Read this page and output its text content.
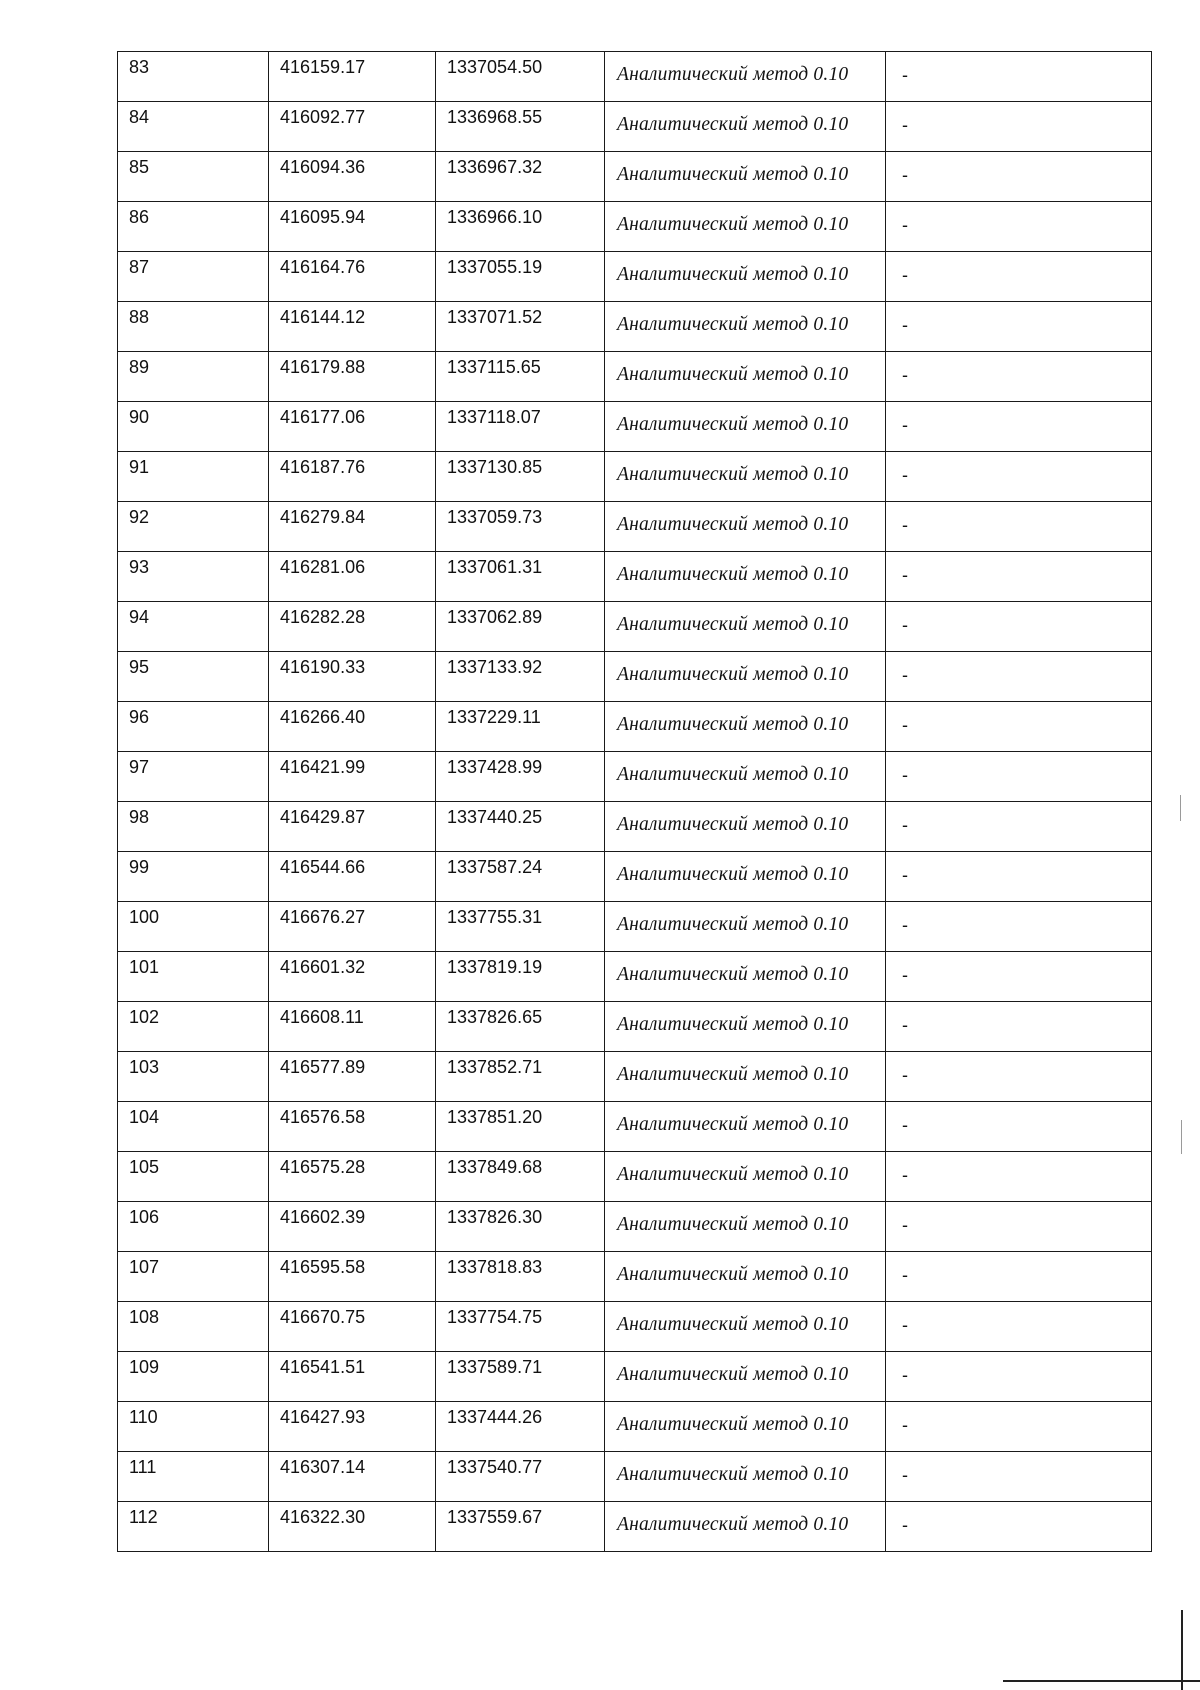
83	416159.17	1337054.50	Аналитический метод 0.10	-
84	416092.77	1336968.55	Аналитический метод 0.10	-
85	416094.36	1336967.32	Аналитический метод 0.10	-
86	416095.94	1336966.10	Аналитический метод 0.10	-
87	416164.76	1337055.19	Аналитический метод 0.10	-
88	416144.12	1337071.52	Аналитический метод 0.10	-
89	416179.88	1337115.65	Аналитический метод 0.10	-
90	416177.06	1337118.07	Аналитический метод 0.10	-
91	416187.76	1337130.85	Аналитический метод 0.10	-
92	416279.84	1337059.73	Аналитический метод 0.10	-
93	416281.06	1337061.31	Аналитический метод 0.10	-
94	416282.28	1337062.89	Аналитический метод 0.10	-
95	416190.33	1337133.92	Аналитический метод 0.10	-
96	416266.40	1337229.11	Аналитический метод 0.10	-
97	416421.99	1337428.99	Аналитический метод 0.10	-
98	416429.87	1337440.25	Аналитический метод 0.10	-
99	416544.66	1337587.24	Аналитический метод 0.10	-
100	416676.27	1337755.31	Аналитический метод 0.10	-
101	416601.32	1337819.19	Аналитический метод 0.10	-
102	416608.11	1337826.65	Аналитический метод 0.10	-
103	416577.89	1337852.71	Аналитический метод 0.10	-
104	416576.58	1337851.20	Аналитический метод 0.10	-
105	416575.28	1337849.68	Аналитический метод 0.10	-
106	416602.39	1337826.30	Аналитический метод 0.10	-
107	416595.58	1337818.83	Аналитический метод 0.10	-
108	416670.75	1337754.75	Аналитический метод 0.10	-
109	416541.51	1337589.71	Аналитический метод 0.10	-
110	416427.93	1337444.26	Аналитический метод 0.10	-
111	416307.14	1337540.77	Аналитический метод 0.10	-
112	416322.30	1337559.67	Аналитический метод 0.10	-
